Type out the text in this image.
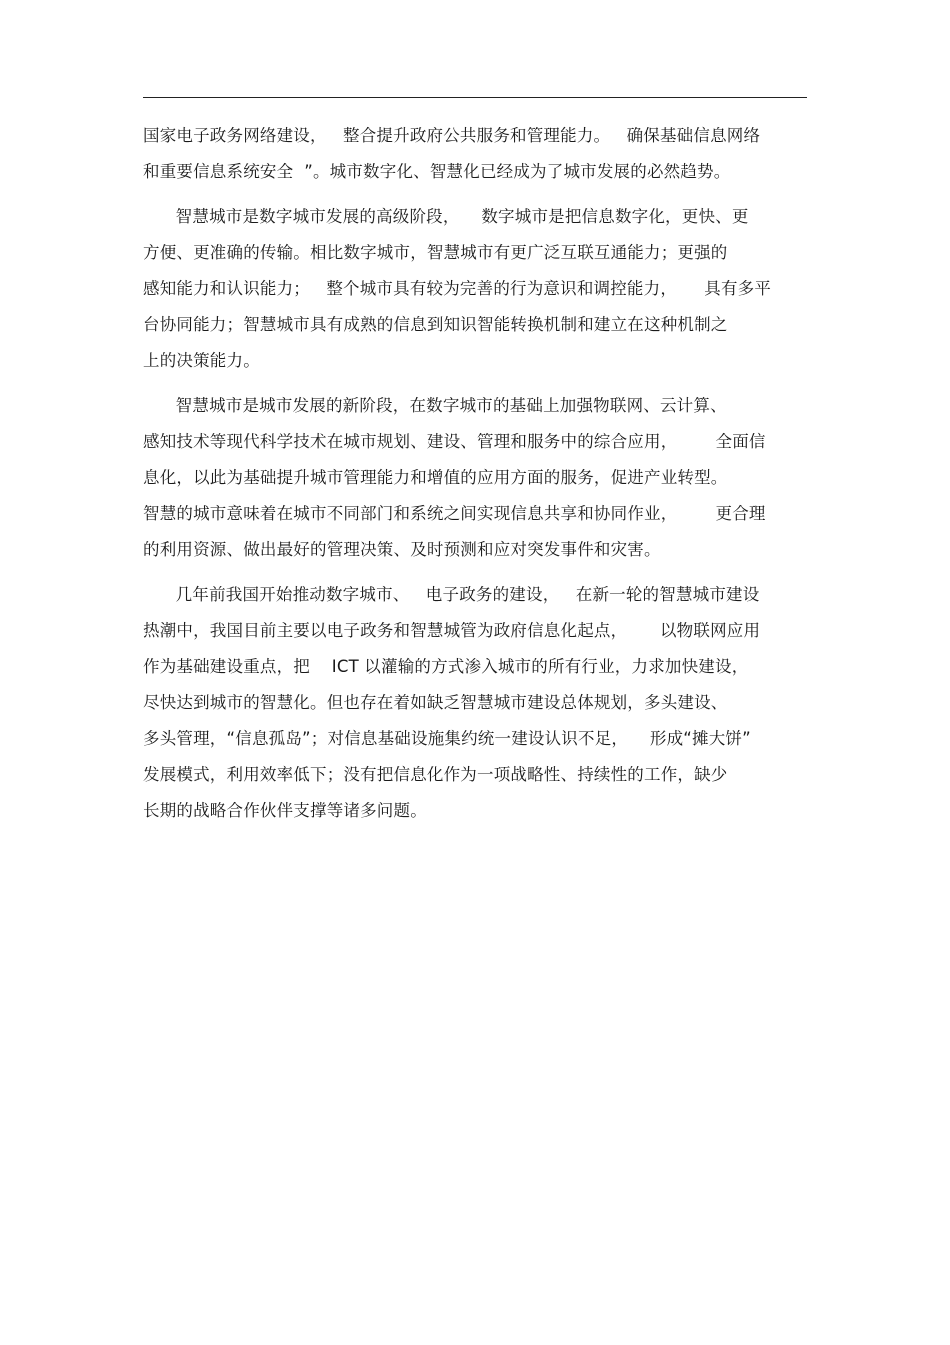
国家电子政务网络建设，   整合提升政府公共服务和管理能力。   确保基础信息网络
和重要信息系统安全  ”。城市数字化、智慧化已经成为了城市发展的必然趋势。
智慧城市是数字城市发展的高级阶段，    数字城市是把信息数字化，更快、更
方便、更准确的传输。相比数字城市，智慧城市有更广泛互联互通能力；更强的
感知能力和认识能力；   整个城市具有较为完善的行为意识和调控能力，     具有多平
台协同能力；智慧城市具有成熟的信息到知识智能转换机制和建立在这种机制之
上的决策能力。
智慧城市是城市发展的新阶段，在数字城市的基础上加强物联网、云计算、
感知技术等现代科学技术在城市规划、建设、管理和服务中的综合应用，       全面信
息化，以此为基础提升城市管理能力和增值的应用方面的服务，促进产业转型。
智慧的城市意味着在城市不同部门和系统之间实现信息共享和协同作业，       更合理
的利用资源、做出最好的管理决策、及时预测和应对突发事件和灾害。
几年前我国开始推动数字城市、   电子政务的建设，   在新一轮的智慧城市建设
热潮中，我国目前主要以电子政务和智慧城管为政府信息化起点，      以物联网应用
作为基础建设重点，把    ICT 以灌输的方式渗入城市的所有行业，力求加快建设，
尽快达到城市的智慧化。但也存在着如缺乏智慧城市建设总体规划，多头建设、
多头管理，“信息孤岛”；对信息基础设施集约统一建设认识不足，    形成“摊大饼”
发展模式，利用效率低下；没有把信息化作为一项战略性、持续性的工作，缺少
长期的战略合作伙伴支撑等诸多问题。
